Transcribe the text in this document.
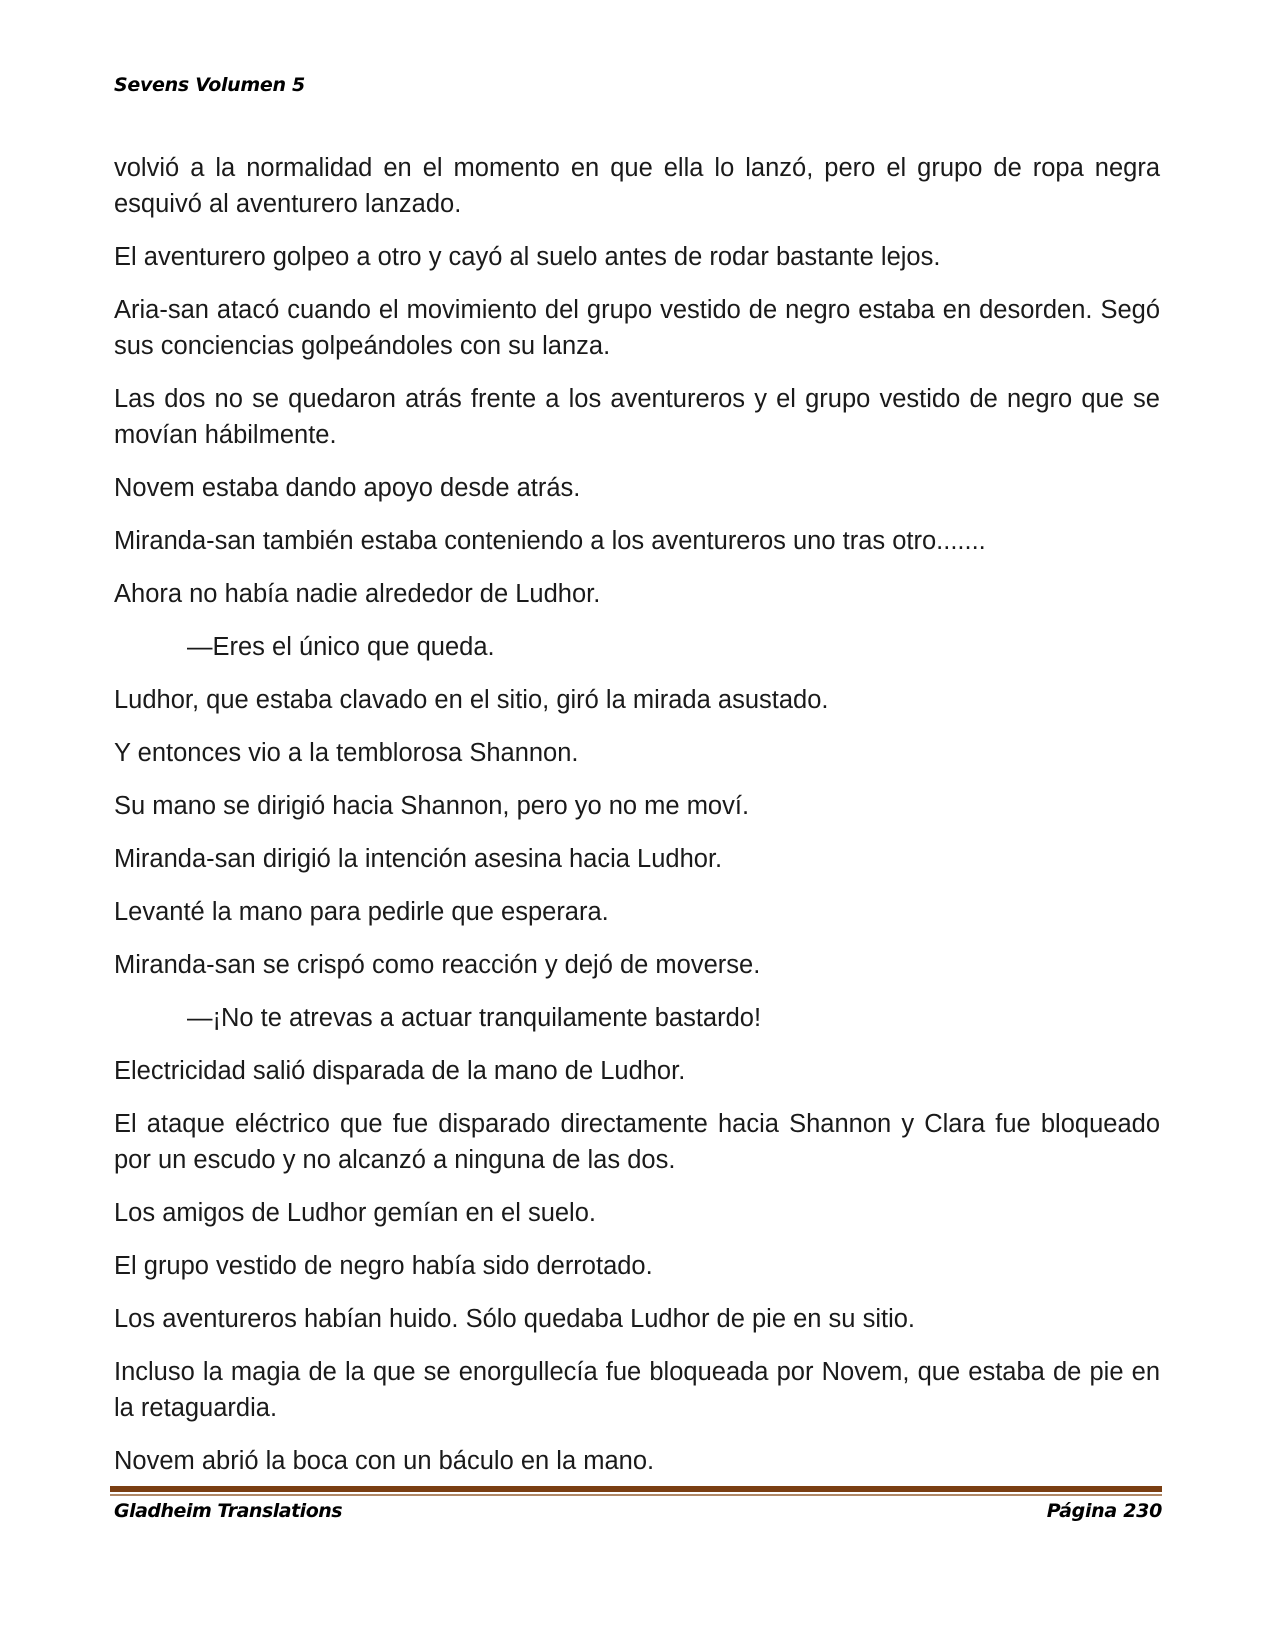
Sevens Volumen 5

volvió a la normalidad en el momento en que ella lo lanzó, pero el grupo de ropa negra esquivó al aventurero lanzado.

El aventurero golpeo a otro y cayó al suelo antes de rodar bastante lejos.

Aria-san atacó cuando el movimiento del grupo vestido de negro estaba en desorden. Segó sus conciencias golpeándoles con su lanza.

Las dos no se quedaron atrás frente a los aventureros y el grupo vestido de negro que se movían hábilmente.

Novem estaba dando apoyo desde atrás.

Miranda-san también estaba conteniendo a los aventureros uno tras otro.......

Ahora no había nadie alrededor de Ludhor.

—Eres el único que queda.

Ludhor, que estaba clavado en el sitio, giró la mirada asustado.

Y entonces vio a la temblorosa Shannon.

Su mano se dirigió hacia Shannon, pero yo no me moví.

Miranda-san dirigió la intención asesina hacia Ludhor.

Levanté la mano para pedirle que esperara.

Miranda-san se crispó como reacción y dejó de moverse.

—¡No te atrevas a actuar tranquilamente bastardo!

Electricidad salió disparada de la mano de Ludhor.

El ataque eléctrico que fue disparado directamente hacia Shannon y Clara fue bloqueado por un escudo y no alcanzó a ninguna de las dos.

Los amigos de Ludhor gemían en el suelo.

El grupo vestido de negro había sido derrotado.

Los aventureros habían huido. Sólo quedaba Ludhor de pie en su sitio.

Incluso la magia de la que se enorgullecía fue bloqueada por Novem, que estaba de pie en la retaguardia.

Novem abrió la boca con un báculo en la mano.

Gladheim Translations	Página 230
